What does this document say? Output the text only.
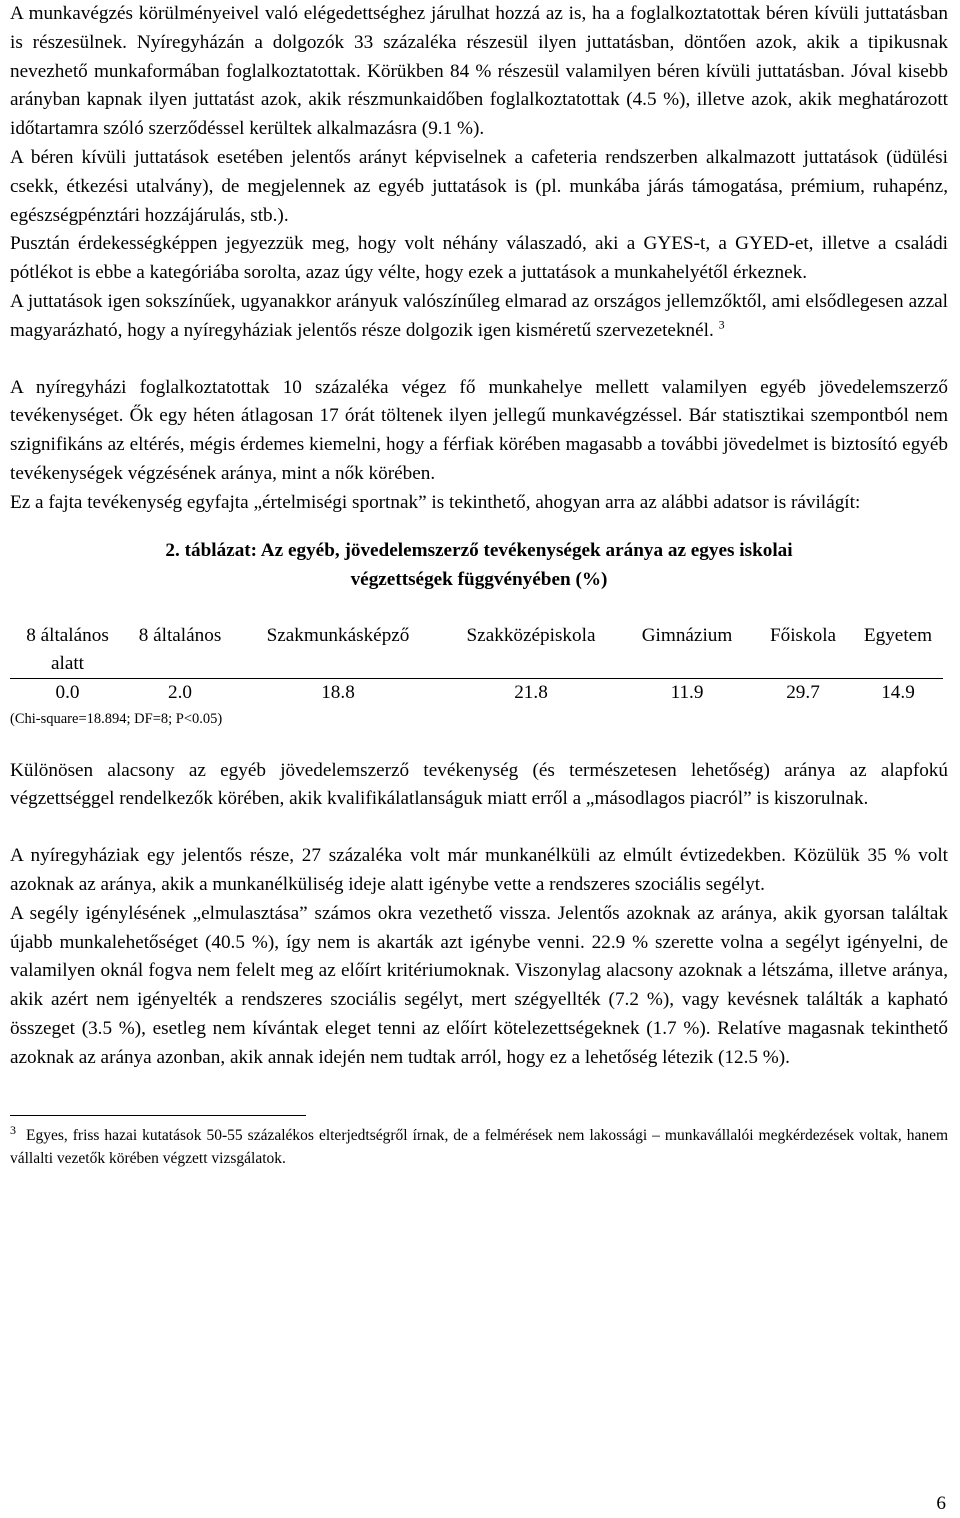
A munkavégzés körülményeivel való elégedettséghez járulhat hozzá az is, ha a foglalkoztatottak béren kívüli juttatásban is részesülnek. Nyíregyházán a dolgozók 33 százaléka részesül ilyen juttatásban, döntően azok, akik a tipikusnak nevezhető munkaformában foglalkoztatottak. Körükben 84 % részesül valamilyen béren kívüli juttatásban. Jóval kisebb arányban kapnak ilyen juttatást azok, akik részmunkaidőben foglalkoztatottak (4.5 %), illetve azok, akik meghatározott időtartamra szóló szerződéssel kerültek alkalmazásra (9.1 %).

A béren kívüli juttatások esetében jelentős arányt képviselnek a cafeteria rendszerben alkalmazott juttatások (üdülési csekk, étkezési utalvány), de megjelennek az egyéb juttatások is (pl. munkába járás támogatása, prémium, ruhapénz, egészségpénztári hozzájárulás, stb.).

Pusztán érdekességképpen jegyezzük meg, hogy volt néhány válaszadó, aki a GYES-t, a GYED-et, illetve a családi pótlékot is ebbe a kategóriába sorolta, azaz úgy vélte, hogy ezek a juttatások a munkahelyétől érkeznek.

A juttatások igen sokszínűek, ugyanakkor arányuk valószínűleg elmarad az országos jellemzőktől, ami elsődlegesen azzal magyarázható, hogy a nyíregyháziak jelentős része dolgozik igen kisméretű szervezeteknél. $^3$

A nyíregyházi foglalkoztatottak 10 százaléka végez fő munkahelye mellett valamilyen egyéb jövedelemszerző tevékenységet. Ők egy héten átlagosan 17 órát töltenek ilyen jellegű munkavégzéssel. Bár statisztikai szempontból nem szignifikáns az eltérés, mégis érdemes kiemelni, hogy a férfiak körében magasabb a további jövedelmet is biztosító egyéb tevékenységek végzésének aránya, mint a nők körében.

Ez a fajta tevékenység egyfajta „értelmiségi sportnak” is tekinthető, ahogyan arra az alábbi adatsor is rávilágít:

2. táblázat: Az egyéb, jövedelemszerző tevékenységek aránya az egyes iskolai
végzettségek függvényében (%)
8 általános alatt	8 általános	Szakmunkásképző	Szakközépiskola	Gimnázium	Főiskola	Egyetem
0.0	2.0	18.8	21.8	11.9	29.7	14.9
(Chi-square=18.894; DF=8; P<0.05)

Különösen alacsony az egyéb jövedelemszerző tevékenység (és természetesen lehetőség) aránya az alapfokú végzettséggel rendelkezők körében, akik kvalifikálatlanságuk miatt erről a „másodlagos piacról” is kiszorulnak.

A nyíregyháziak egy jelentős része, 27 százaléka volt már munkanélküli az elmúlt évtizedekben. Közülük 35 % volt azoknak az aránya, akik a munkanélküliség ideje alatt igénybe vette a rendszeres szociális segélyt.

A segély igénylésének „elmulasztása” számos okra vezethető vissza. Jelentős azoknak az aránya, akik gyorsan találtak újabb munkalehetőséget (40.5 %), így nem is akarták azt igénybe venni. 22.9 % szerette volna a segélyt igényelni, de valamilyen oknál fogva nem felelt meg az előírt kritériumoknak. Viszonylag alacsony azoknak a létszáma, illetve aránya, akik azért nem igényelték a rendszeres szociális segélyt, mert szégyellték (7.2 %), vagy kevésnek találták a kapható összeget (3.5 %), esetleg nem kívántak eleget tenni az előírt kötelezettségeknek (1.7 %). Relatíve magasnak tekinthető azoknak az aránya azonban, akik annak idején nem tudtak arról, hogy ez a lehetőség létezik (12.5 %).

$^3$ Egyes, friss hazai kutatások 50-55 százalékos elterjedtségről írnak, de a felmérések nem lakossági – munkavállalói megkérdezések voltak, hanem vállalti vezetők körében végzett vizsgálatok.
6
